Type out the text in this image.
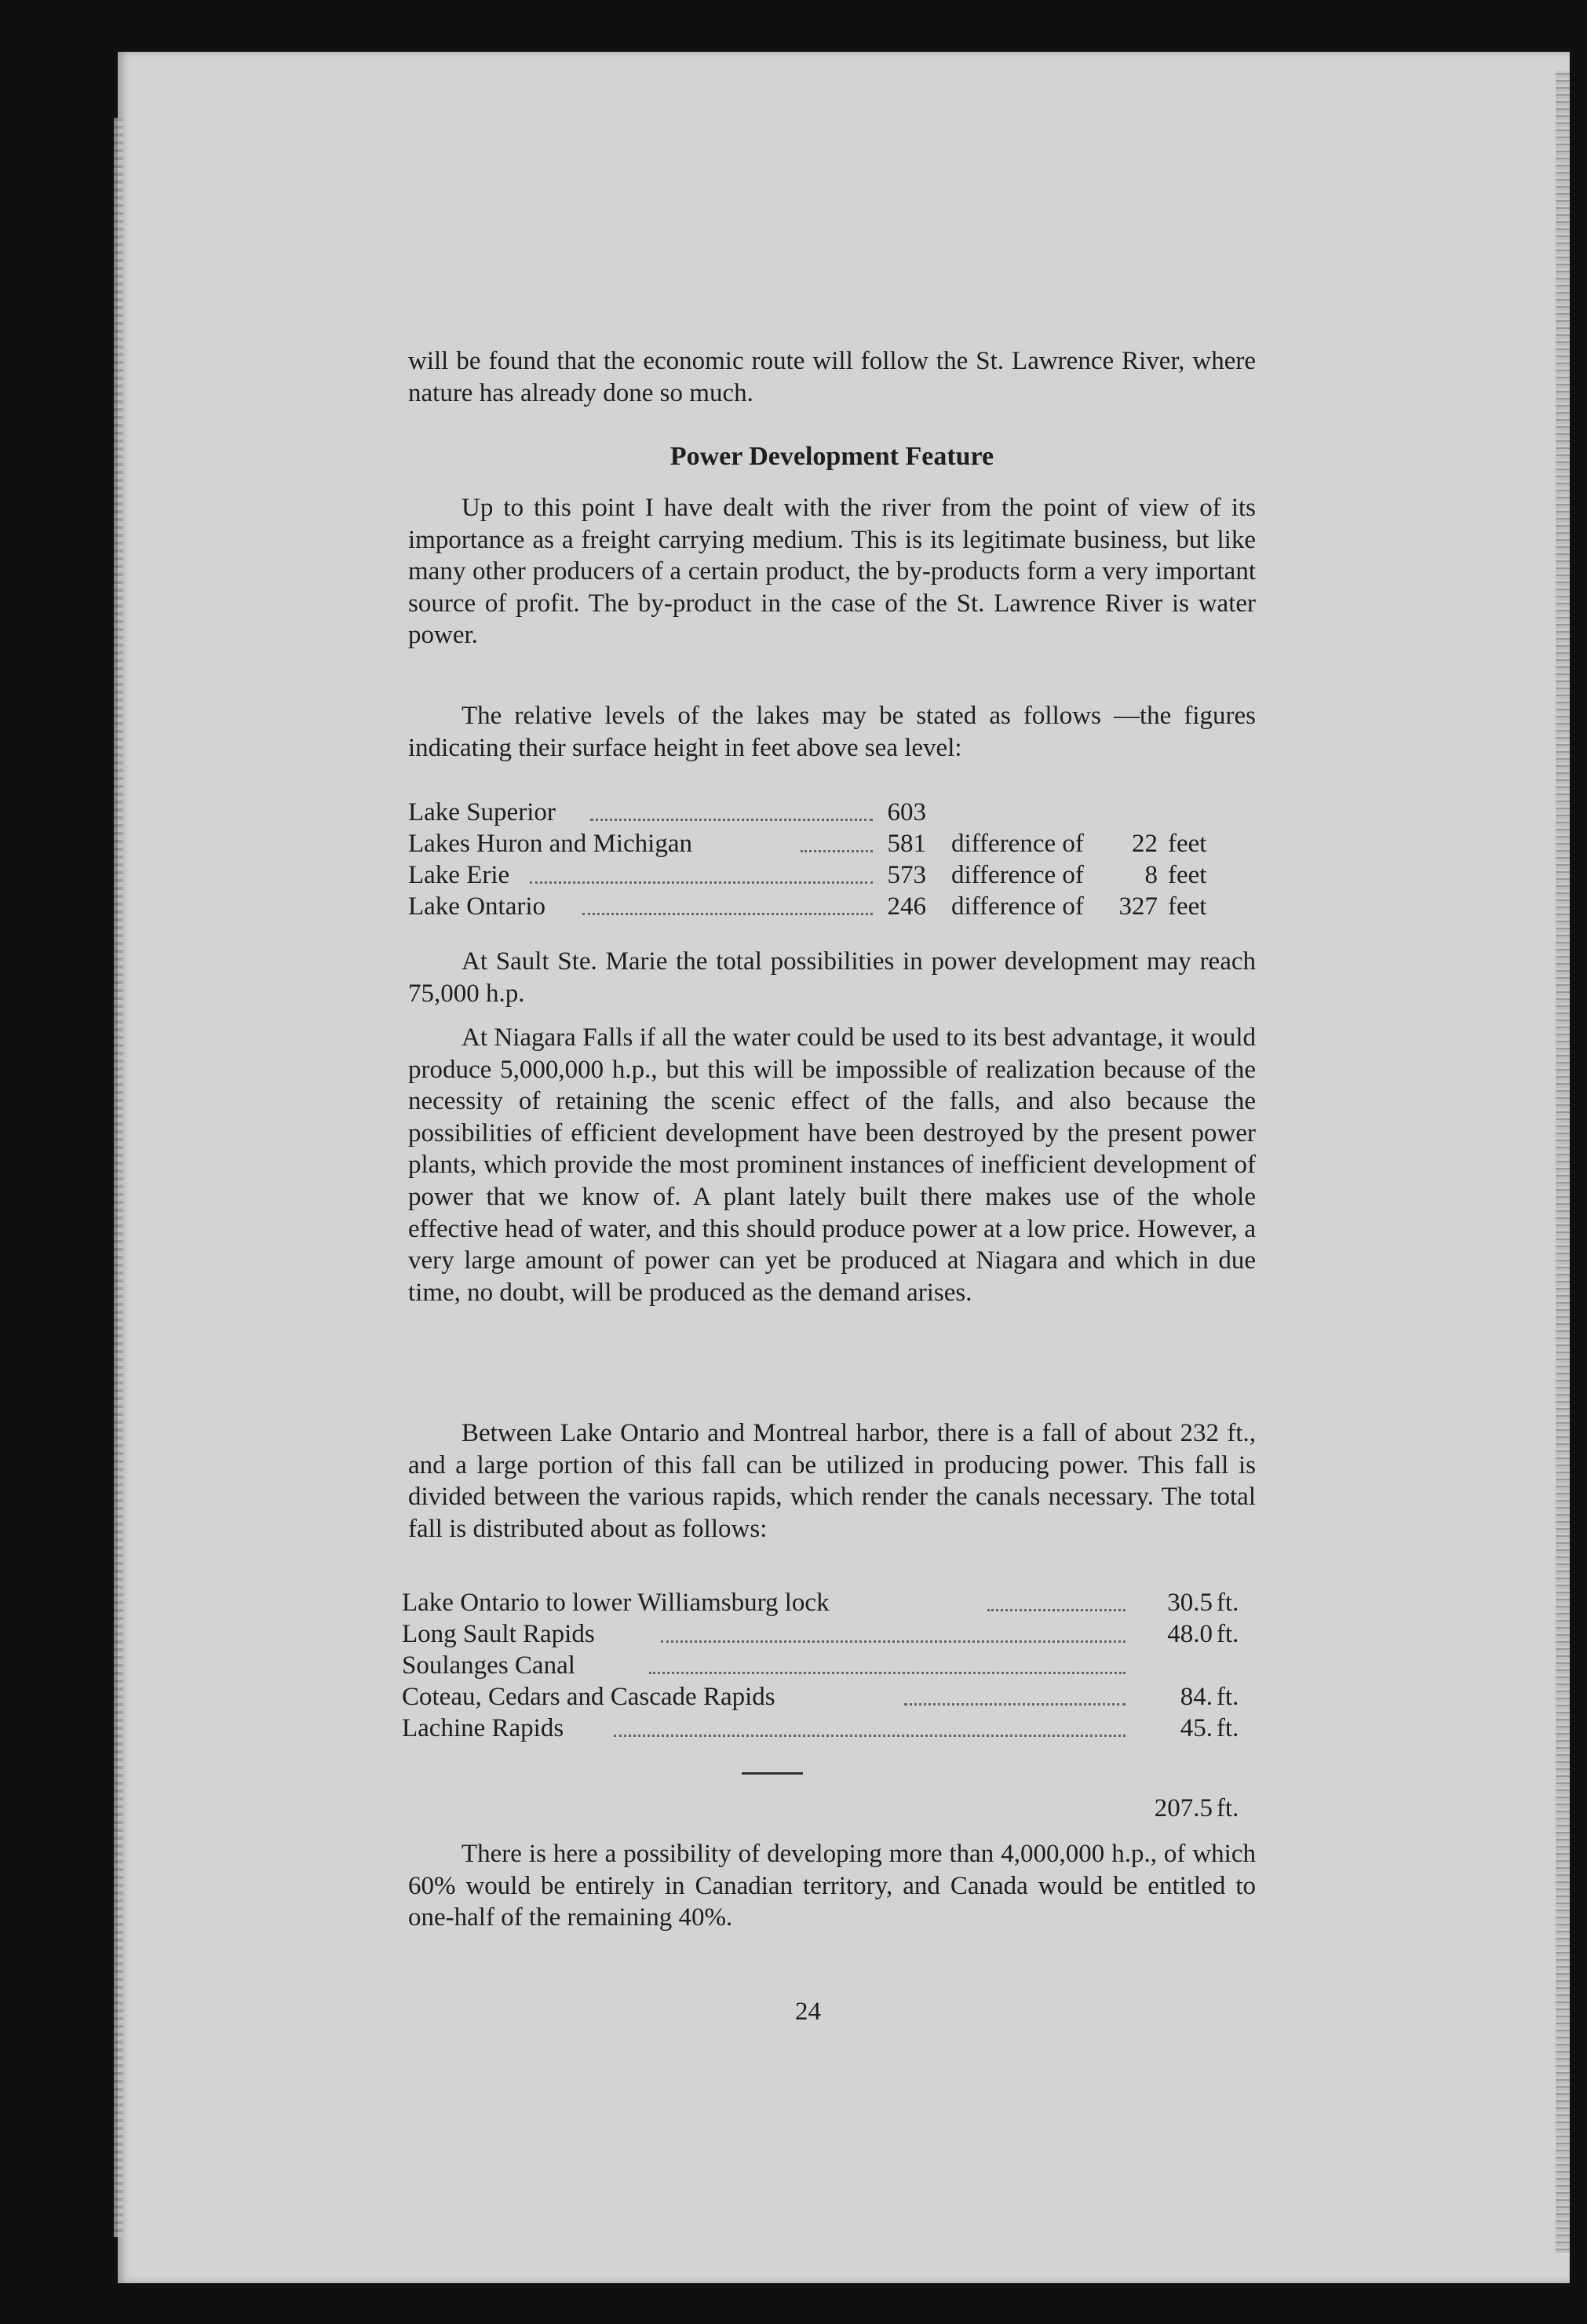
will be found that the economic route will follow the St. Lawrence River, where nature has already done so much.

Power Development Feature

Up to this point I have dealt with the river from the point of view of its importance as a freight carrying medium. This is its legitimate business, but like many other producers of a certain product, the by-products form a very important source of profit. The by-product in the case of the St. Lawrence River is water power.

The relative levels of the lakes may be stated as follows —the figures indicating their surface height in feet above sea level:

Lake Superior	603
Lakes Huron and Michigan	581 difference of	22 feet
Lake Erie	573 difference of	8 feet
Lake Ontario	246 difference of 327 feet

At Sault Ste. Marie the total possibilities in power development may reach 75,000 h.p.

At Niagara Falls if all the water could be used to its best advantage, it would produce 5,000,000 h.p., but this will be impossible of realization because of the necessity of retaining the scenic effect of the falls, and also because the possibilities of efficient development have been destroyed by the present power plants, which provide the most prominent instances of inefficient development of power that we know of. A plant lately built there makes use of the whole effective head of water, and this should produce power at a low price. However, a very large amount of power can yet be produced at Niagara and which in due time, no doubt, will be produced as the demand arises.

Between Lake Ontario and Montreal harbor, there is a fall of about 232 ft., and a large portion of this fall can be utilized in producing power. This fall is divided between the various rapids, which render the canals necessary. The total fall is distributed about as follows:

Lake Ontario to lower Williamsburg lock	30.5 ft.
Long Sault Rapids	48.0 ft.
Soulanges Canal
Coteau, Cedars and Cascade Rapids	84. ft.
Lachine Rapids	45. ft.
207.5 ft.

There is here a possibility of developing more than 4,000,000 h.p., of which 60% would be entirely in Canadian territory, and Canada would be entitled to one-half of the remaining 40%.

24
